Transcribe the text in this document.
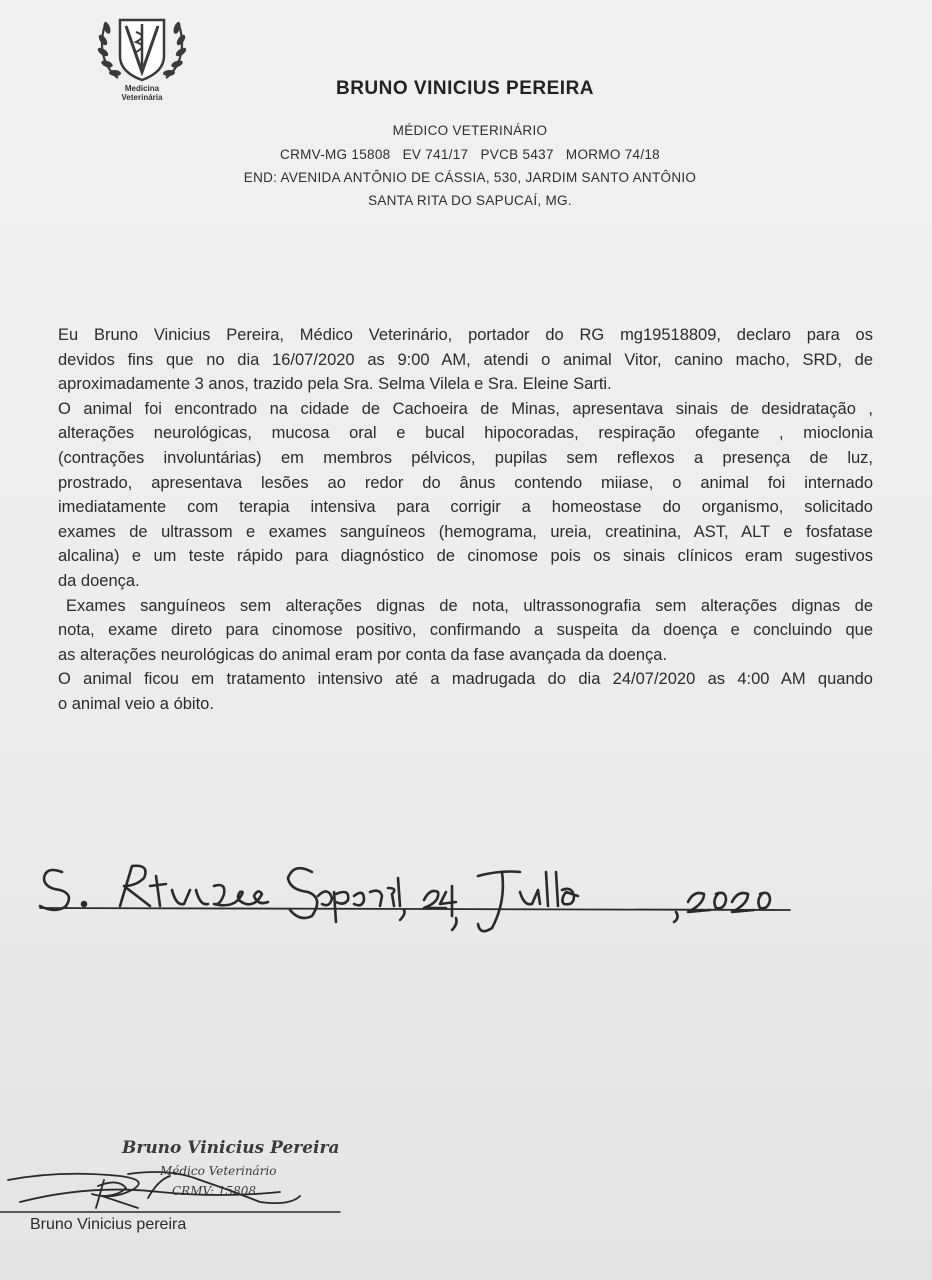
Medicina
Veterinária	BRUNO VINICIUS PEREIRA
MÉDICO VETERINÁRIO
CRMV-MG 15808   EV 741/17   PVCB 5437   MORMO 74/18
END: AVENIDA ANTÔNIO DE CÁSSIA, 530, JARDIM SANTO ANTÔNIO
SANTA RITA DO SAPUCAÍ, MG.
Eu Bruno Vinicius Pereira, Médico Veterinário, portador do RG mg19518809, declaro para os
devidos fins que no dia 16/07/2020 as 9:00 AM, atendi o animal Vitor, canino macho, SRD, de
aproximadamente 3 anos, trazido pela Sra. Selma Vilela e Sra. Eleine Sarti.
O animal foi encontrado na cidade de Cachoeira de Minas, apresentava sinais de desidratação ,
alterações neurológicas, mucosa oral e bucal hipocoradas, respiração ofegante , mioclonia
(contrações involuntárias) em membros pélvicos, pupilas sem reflexos a presença de luz,
prostrado, apresentava lesões ao redor do ânus contendo miiase, o animal foi internado
imediatamente com terapia intensiva para corrigir a homeostase do organismo, solicitado
exames de ultrassom e exames sanguíneos (hemograma, ureia, creatinina, AST, ALT e fosfatase
alcalina) e um teste rápido para diagnóstico de cinomose pois os sinais clínicos eram sugestivos
da doença.
Exames sanguíneos sem alterações dignas de nota, ultrassonografia sem alterações dignas de
nota, exame direto para cinomose positivo, confirmando a suspeita da doença e concluindo que
as alterações neurológicas do animal eram por conta da fase avançada da doença.
O animal ficou em tratamento intensivo até a madrugada do dia 24/07/2020 as 4:00 AM quando
o animal veio a óbito.
S. Rita do Sapucaí, 24, Julho, 2020
Bruno Vinicius Pereira
Médico Veterinário
CRMV: 15808
Bruno Vinicius pereira
